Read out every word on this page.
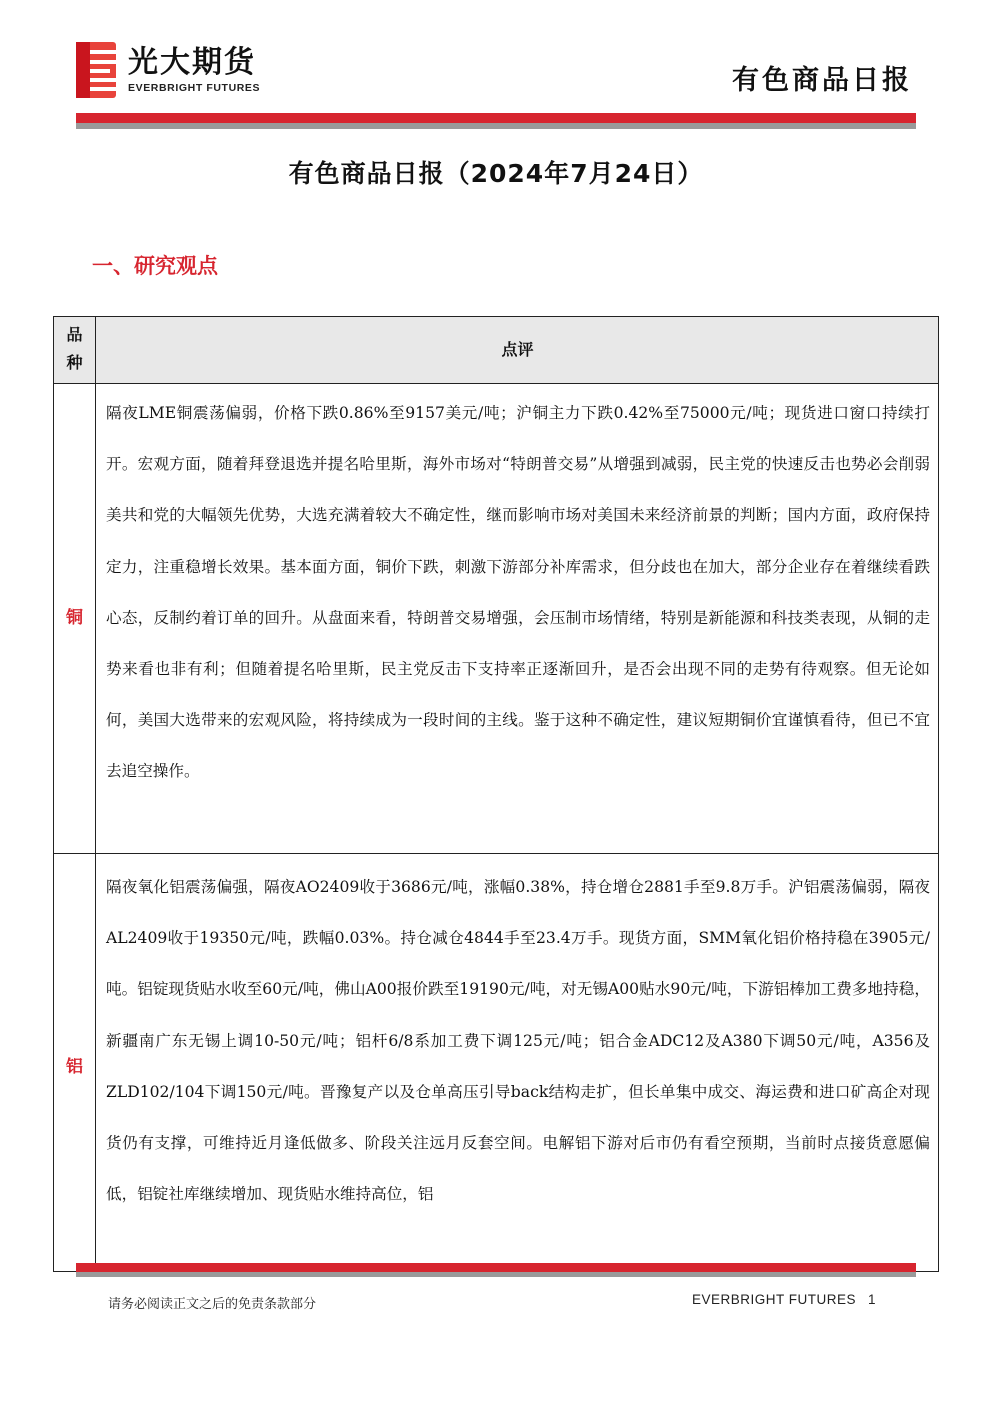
光大期货
EVERBRIGHT FUTURES	有色商品日报
有色商品日报（2024年7月24日）
一、研究观点
品
种
点评
铜

隔夜LME铜震荡偏弱，价格下跌0.86%至9157美元/吨；沪铜主力下跌0.42%至75000元/吨；现货进口窗口持续打开。宏观方面，随着拜登退选并提名哈里斯，海外市场对“特朗普交易”从增强到减弱，民主党的快速反击也势必会削弱美共和党的大幅领先优势，大选充满着较大不确定性，继而影响市场对美国未来经济前景的判断；国内方面，政府保持定力，注重稳增长效果。基本面方面，铜价下跌，刺激下游部分补库需求，但分歧也在加大，部分企业存在着继续看跌心态，反制约着订单的回升。从盘面来看，特朗普交易增强，会压制市场情绪，特别是新能源和科技类表现，从铜的走势来看也非有利；但随着提名哈里斯，民主党反击下支持率正逐渐回升，是否会出现不同的走势有待观察。但无论如何，美国大选带来的宏观风险，将持续成为一段时间的主线。鉴于这种不确定性，建议短期铜价宜谨慎看待，但已不宜去追空操作。

铝

隔夜氧化铝震荡偏强，隔夜AO2409收于3686元/吨，涨幅0.38%，持仓增仓2881手至9.8万手。沪铝震荡偏弱，隔夜AL2409收于19350元/吨，跌幅0.03%。持仓减仓4844手至23.4万手。现货方面，SMM氧化铝价格持稳在3905元/吨。铝锭现货贴水收至60元/吨，佛山A00报价跌至19190元/吨，对无锡A00贴水90元/吨，下游铝棒加工费多地持稳，新疆南广东无锡上调10-50元/吨；铝杆6/8系加工费下调125元/吨；铝合金ADC12及A380下调50元/吨，A356及ZLD102/104下调150元/吨。晋豫复产以及仓单高压引导back结构走扩，但长单集中成交、海运费和进口矿高企对现货仍有支撑，可维持近月逢低做多、阶段关注远月反套空间。电解铝下游对后市仍有看空预期，当前时点接货意愿偏低，铝锭社库继续增加、现货贴水维持高位，铝

请务必阅读正文之后的免责条款部分	EVERBRIGHT FUTURES 1
